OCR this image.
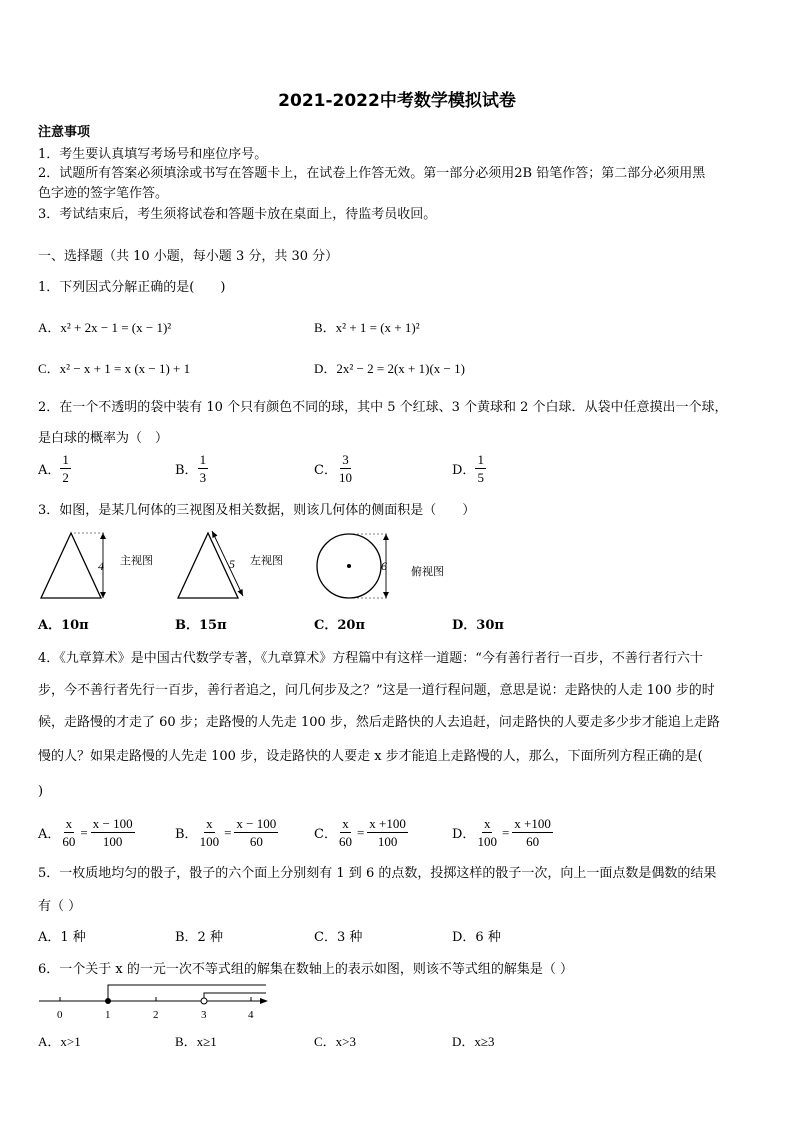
2021-2022中考数学模拟试卷
注意事项
1．考生要认真填写考场号和座位序号。
2．试题所有答案必须填涂或书写在答题卡上，在试卷上作答无效。第一部分必须用2B 铅笔作答；第二部分必须用黑
色字迹的签字笔作答。
3．考试结束后，考生须将试卷和答题卡放在桌面上，待监考员收回。
一、选择题（共 10 小题，每小题 3 分，共 30 分）
1．下列因式分解正确的是(　　)
A．x² + 2x − 1 = (x − 1)²	B．x² + 1 = (x + 1)²
C．x² − x + 1 = x (x − 1) + 1	D．2x² − 2 = 2(x + 1)(x − 1)
2．在一个不透明的袋中装有 10 个只有颜色不同的球，其中 5 个红球、3 个黄球和 2 个白球．从袋中任意摸出一个球，
是白球的概率为（　）
A． $\frac{1}{2}$	B． $\frac{1}{3}$	C． $\frac{3}{10}$	D． $\frac{1}{5}$
3．如图，是某几何体的三视图及相关数据，则该几何体的侧面积是（　　）
4 主视图	5 左视图	6 俯视图
A．10π	B．15π	C．20π	D．30π
4．《九章算术》是中国古代数学专著，《九章算术》方程篇中有这样一道题：“今有善行者行一百步，不善行者行六十
步，今不善行者先行一百步，善行者追之，问几何步及之？”这是一道行程问题，意思是说：走路快的人走 100 步的时
候，走路慢的才走了 60 步；走路慢的人先走 100 步，然后走路快的人去追赶，问走路快的人要走多少步才能追上走路
慢的人？如果走路慢的人先走 100 步，设走路快的人要走 x 步才能追上走路慢的人，那么，下面所列方程正确的是(
)
A． $\frac{x}{60} = \frac{x - 100}{100}$	B． $\frac{x}{100} = \frac{x - 100}{60}$	C． $\frac{x}{60} = \frac{x +100}{100}$	D． $\frac{x}{100} = \frac{x +100}{60}$
5．一枚质地均匀的骰子，骰子的六个面上分别刻有 1 到 6 的点数，投掷这样的骰子一次，向上一面点数是偶数的结果
有（ ）
A．1 种	B．2 种	C．3 种	D．6 种
6．一个关于 x 的一元一次不等式组的解集在数轴上的表示如图，则该不等式组的解集是（ ）
0	1	2	3	4
A．x>1	B．x≥1	C．x>3	D．x≥3
